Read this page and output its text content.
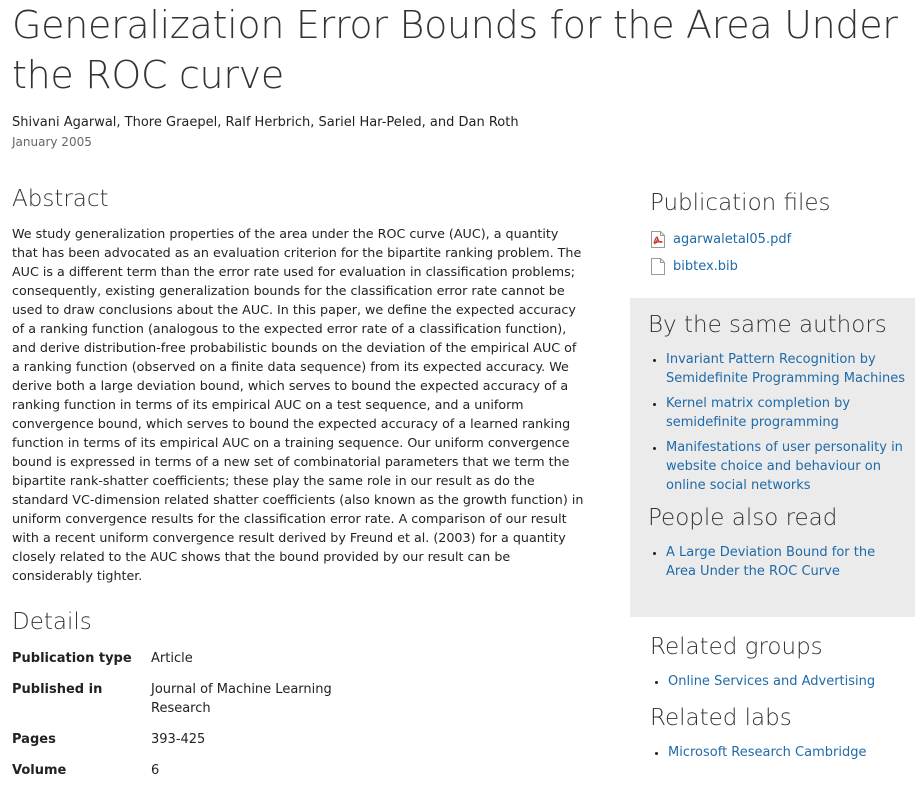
Generalization Error Bounds for the Area Under the ROC curve
Shivani Agarwal, Thore Graepel, Ralf Herbrich, Sariel Har-Peled, and Dan Roth
January 2005
Abstract

We study generalization properties of the area under the ROC curve (AUC), a quantity that has been advocated as an evaluation criterion for the bipartite ranking problem. The AUC is a different term than the error rate used for evaluation in classification problems; consequently, existing generalization bounds for the classification error rate cannot be used to draw conclusions about the AUC. In this paper, we define the expected accuracy of a ranking function (analogous to the expected error rate of a classification function), and derive distribution-free probabilistic bounds on the deviation of the empirical AUC of a ranking function (observed on a finite data sequence) from its expected accuracy. We derive both a large deviation bound, which serves to bound the expected accuracy of a ranking function in terms of its empirical AUC on a test sequence, and a uniform convergence bound, which serves to bound the expected accuracy of a learned ranking function in terms of its empirical AUC on a training sequence. Our uniform convergence bound is expressed in terms of a new set of combinatorial parameters that we term the bipartite rank-shatter coefficients; these play the same role in our result as do the standard VC-dimension related shatter coefficients (also known as the growth function) in uniform convergence results for the classification error rate. A comparison of our result with a recent uniform convergence result derived by Freund et al. (2003) for a quantity closely related to the AUC shows that the bound provided by our result can be considerably tighter.

Details
Publication type	Article
Published in	Journal of Machine Learning Research
Pages	393-425
Volume	6
Publication files
agarwaletal05.pdf
bibtex.bib
By the same authors
• Invariant Pattern Recognition by Semidefinite Programming Machines
• Kernel matrix completion by semidefinite programming
• Manifestations of user personality in website choice and behaviour on online social networks
People also read
• A Large Deviation Bound for the Area Under the ROC Curve
Related groups
• Online Services and Advertising
Related labs
• Microsoft Research Cambridge
